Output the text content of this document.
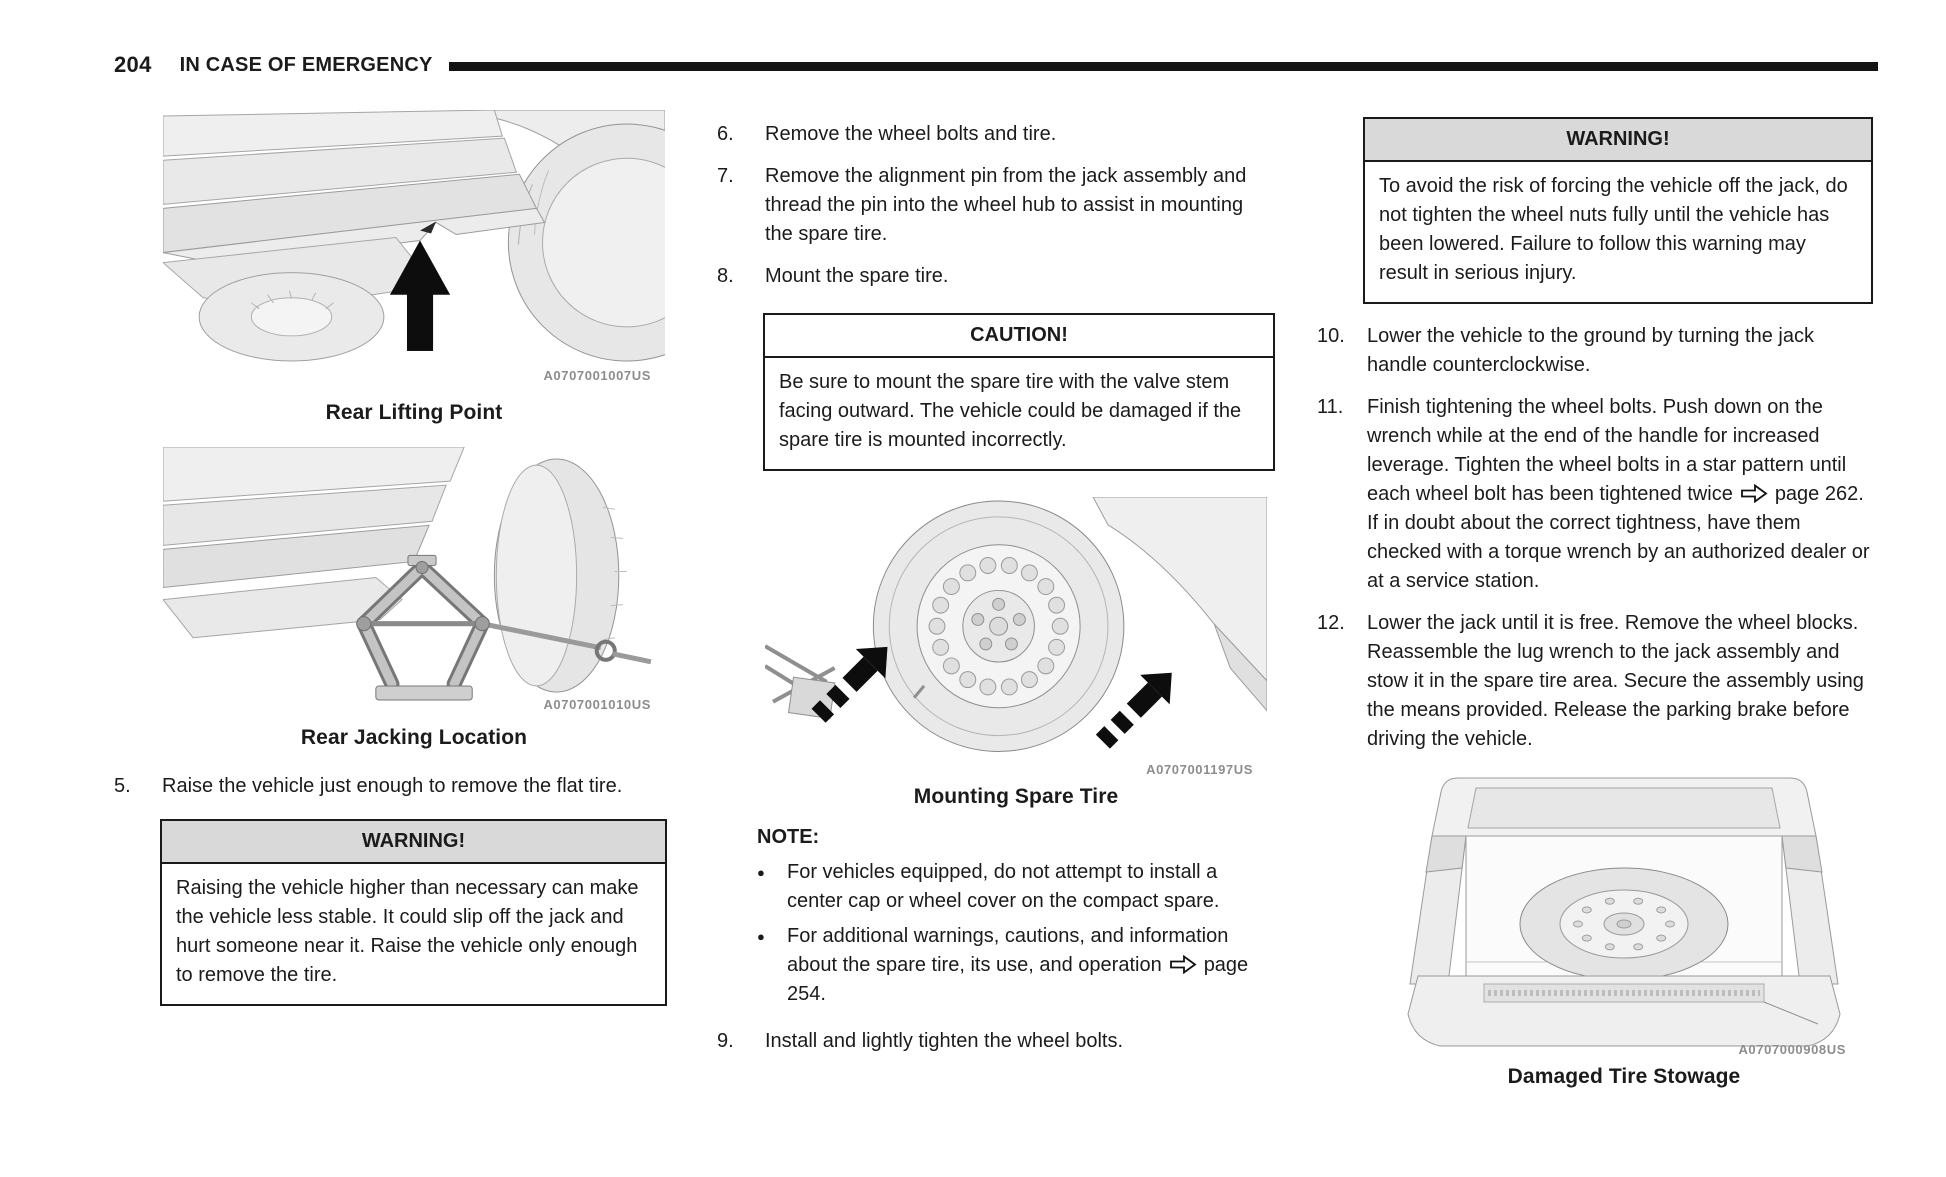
204 IN CASE OF EMERGENCY
A0707001007US
Rear Lifting Point
A0707001010US
Rear Jacking Location
5.	Raise the vehicle just enough to remove the flat tire.
WARNING!
Raising the vehicle higher than necessary can make the vehicle less stable. It could slip off the jack and hurt someone near it. Raise the vehicle only enough to remove the tire.
6.	Remove the wheel bolts and tire.
7.	Remove the alignment pin from the jack assembly and thread the pin into the wheel hub to assist in mounting the spare tire.
8.	Mount the spare tire.
CAUTION!
Be sure to mount the spare tire with the valve stem facing outward. The vehicle could be damaged if the spare tire is mounted incorrectly.
A0707001197US
Mounting Spare Tire
NOTE:
●
For vehicles equipped, do not attempt to install a center cap or wheel cover on the compact spare.
●
For additional warnings, cautions, and information about the spare tire, its use, and operation page 254.
9.	Install and lightly tighten the wheel bolts.
WARNING!
To avoid the risk of forcing the vehicle off the jack, do not tighten the wheel nuts fully until the vehicle has been lowered. Failure to follow this warning may result in serious injury.
10.	Lower the vehicle to the ground by turning the jack handle counterclockwise.
11.	Finish tightening the wheel bolts. Push down on the wrench while at the end of the handle for increased leverage. Tighten the wheel bolts in a star pattern until each wheel bolt has been tightened twice page 262. If in doubt about the correct tightness, have them checked with a torque wrench by an authorized dealer or at a service station.
12.	Lower the jack until it is free. Remove the wheel blocks. Reassemble the lug wrench to the jack assembly and stow it in the spare tire area. Secure the assembly using the means provided. Release the parking brake before driving the vehicle.
A0707000908US
Damaged Tire Stowage
